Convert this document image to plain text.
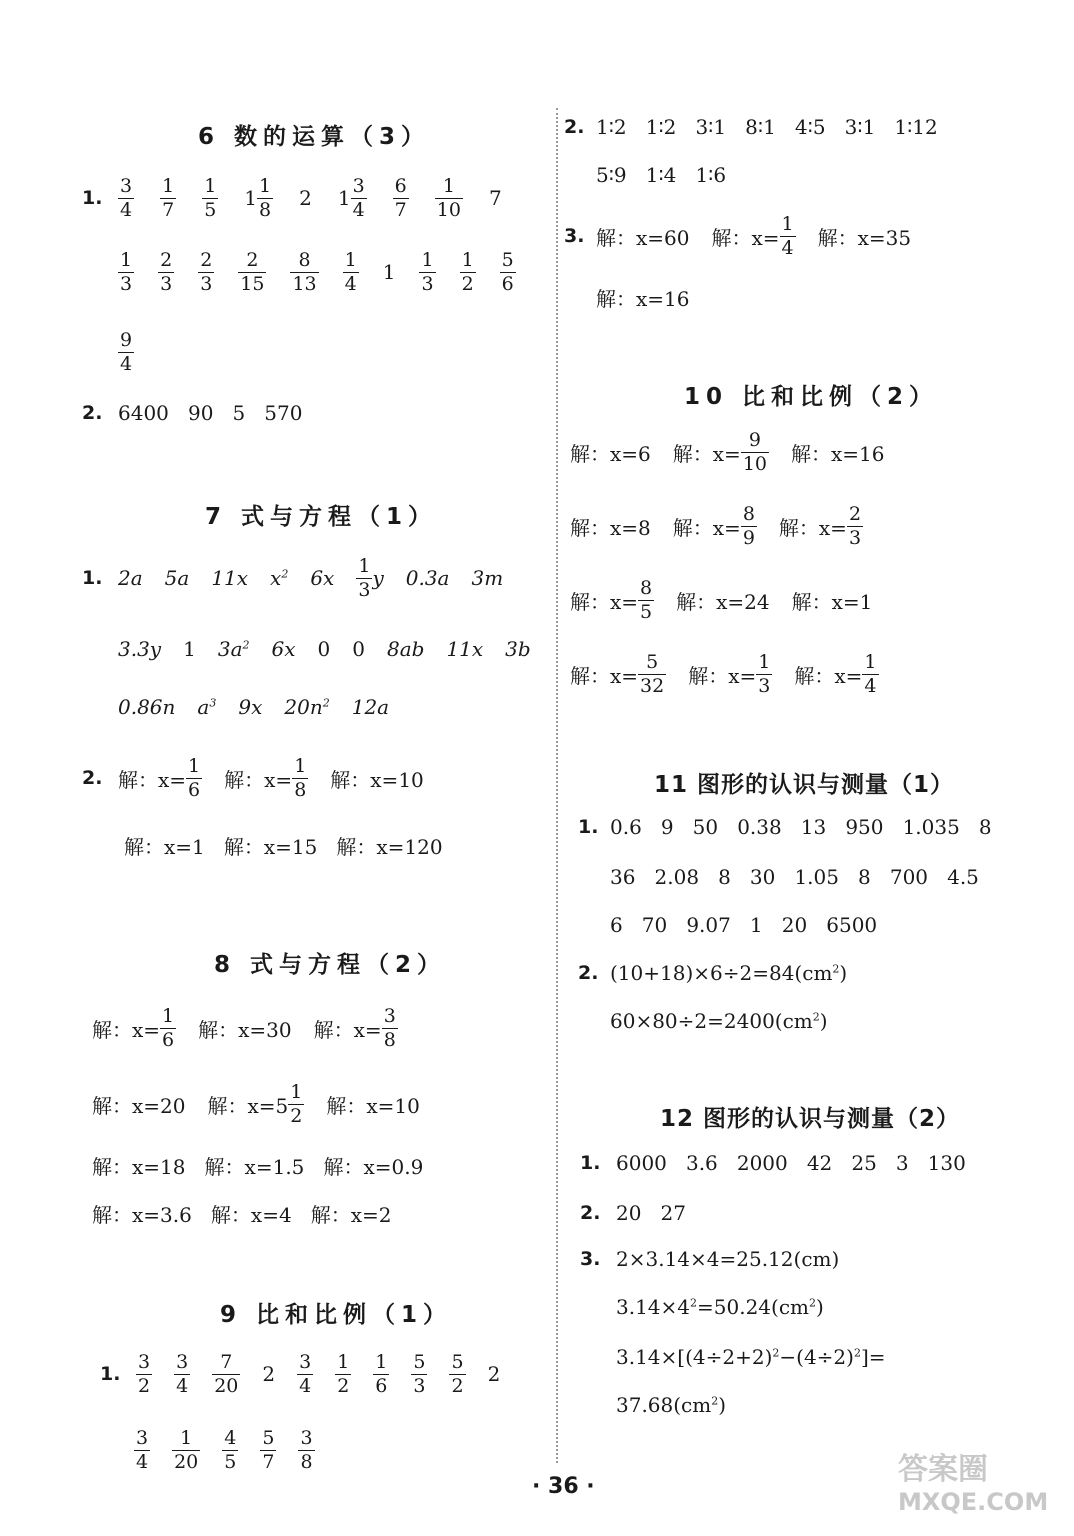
6 数的运算（3）
1. $\frac{3}{4} \frac{1}{7} \frac{1}{5} 1 \frac{1}{8} 2$ $1 \frac{3}{4} \frac{6}{7} \frac{1}{10} 7$
$\frac{1}{3} \frac{2}{3} \frac{2}{3} \frac{2}{15} \frac{8}{13} \frac{1}{4} 1 \frac{1}{3} \frac{1}{2} \frac{5}{6}$
$\frac{9}{4}$
2. 6400   90   5   570
7 式与方程（1）
1. 2a 5a 11x $x^2$ $6x \frac{1}{3}$ y 0.3a 3m
3.3y 1 $3a^2$ 6x 0 0 8ab 11x 3b
0.86n $a^3$ 9x $20n^2$ 12a
2. 解：$x= \frac{1}{6}$ 解：$x= \frac{1}{8}$ 解：x=10
解：x=1   解：x=15   解：x=120
8 式与方程（2）
解：$x= \frac{1}{6}$ 解：x=30 解：$x= \frac{3}{8}$
解：x=20 解：$x=5 \frac{1}{2}$ 解：x=10
解：x=18   解：x=1.5   解：x=0.9
解：x=3.6   解：x=4   解：x=2
9 比和比例（1）
1. $\frac{3}{2} \frac{3}{4} \frac{7}{20} 2 \frac{3}{4} \frac{1}{2} \frac{1}{6} \frac{5}{3} \frac{5}{2} 2$
$\frac{3}{4} \frac{1}{20} \frac{4}{5} \frac{5}{7} \frac{3}{8}$
2. 1∶2   1∶2   3∶1   8∶1   4∶5   3∶1   1∶12
5∶9   1∶4   1∶6
3. 解：x=60 解：$x= \frac{1}{4}$ 解：x=35
解：x=16
10 比和比例（2）
解：x=6 解：$x= \frac{9}{10}$ 解：x=16
解：x=8 解：$x= \frac{8}{9}$ 解：$x= \frac{2}{3}$
解：$x= \frac{8}{5}$ 解：x=24 解：x=1
解：$x= \frac{5}{32}$ 解：$x= \frac{1}{3}$ 解：$x= \frac{1}{4}$
11 图形的认识与测量（1）
1. 0.6   9   50   0.38   13   950   1.035   8
36   2.08   8   30   1.05   8   700   4.5
6   70   9.07   1   20   6500
2. $(10+18)\times 6\div 2=84(cm^2)$
$60\times 80\div 2=2400(cm^2)$
12 图形的认识与测量（2）
1. 6000   3.6   2000   42   25   3   130
2. 20   27
3. 2×3.14×4=25.12(cm)
$3.14\times 4^2=50.24(cm^2)$
$3.14\times[(4\div 2+2)^2-(4\div 2)^2]=$
$37.68(cm^2)$
· 36 ·	答案圈
MXQE.COM
